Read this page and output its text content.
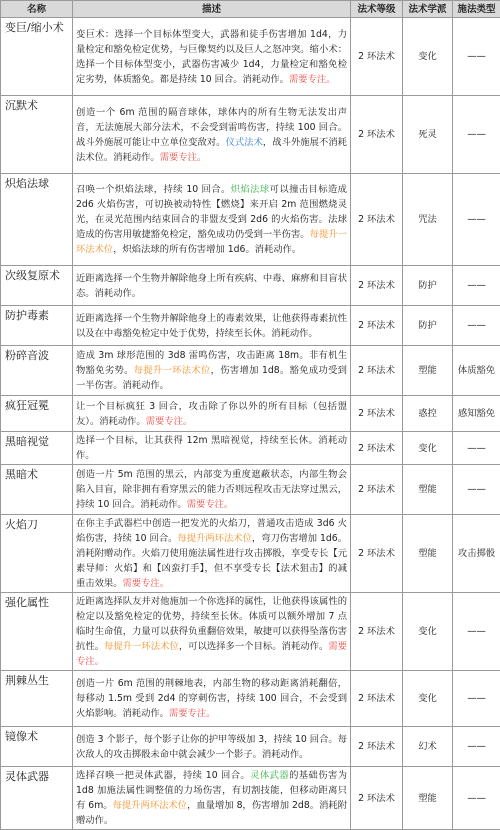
名称	描述	法术等级	法术学派	施法类型
变巨/缩小术	变巨术：选择一个目标体型变大，武器和徒手伤害增加 1d4，力量检定和豁免检定优势，与巨像契约以及巨人之怒冲突。缩小术：选择一个目标体型变小，武器伤害减少 1d4，力量检定和豁免检定劣势，体质豁免。都是持续 10 回合。消耗动作。需要专注。	2 环法术	变化	——
沉默术	创造一个 6m 范围的隔音球体，球体内的所有生物无法发出声音，无法施展大部分法术，不会受到雷鸣伤害，持续 100 回合。战斗外施展可能让中立单位变敌对。仪式法术，战斗外施展不消耗法术位。消耗动作。需要专注。	2 环法术	死灵	——
炽焰法球	召唤一个炽焰法球，持续 10 回合。炽焰法球可以撞击目标造成 2d6 火焰伤害，可切换被动特性【燃烧】来开启 2m 范围燃烧灵光，在灵光范围内结束回合的非盟友受到 2d6 的火焰伤害。法球造成的伤害用敏捷豁免检定，豁免成功仍受到一半伤害。每提升一环法术位，炽焰法球的所有伤害增加 1d6。消耗动作。	2 环法术	咒法	——
次级复原术	近距离选择一个生物并解除他身上所有疾病、中毒、麻痹和目盲状态。消耗动作。	2 环法术	防护	——
防护毒素	近距离选择一个生物并解除他身上的毒素效果，让他获得毒素抗性以及在中毒豁免检定中处于优势，持续至长休。消耗动作。	2 环法术	防护	——
粉碎音波	造成 3m 球形范围的 3d8 雷鸣伤害，攻击距离 18m。非有机生物豁免劣势。每提升一环法术位，伤害增加 1d8。豁免成功受到一半伤害。消耗动作。	2 环法术	塑能	体质豁免
疯狂冠冕	让一个目标疯狂 3 回合，攻击除了你以外的所有目标（包括盟友）。消耗动作。需要专注。	2 环法术	惑控	感知豁免
黑暗视觉	选择一个目标，让其获得 12m 黑暗视觉，持续至长休。消耗动作。	2 环法术	变化	——
黑暗术	创造一片 5m 范围的黑云，内部变为重度遮蔽状态，内部生物会陷入目盲，除非拥有看穿黑云的能力否则远程攻击无法穿过黑云，持续 10 回合。消耗动作。需要专注。	2 环法术	塑能	——
火焰刀	在你主手武器栏中创造一把发光的火焰刀，普通攻击造成 3d6 火焰伤害，持续 10 回合。每提升两环法术位，弯刀伤害增加 1d6。消耗附赠动作。火焰刀使用施法属性进行攻击掷骰，享受专长【元素导师：火焰】和【凶蛮打手】，但不享受专长【法术狙击】的减重击效果。需要专注。	2 环法术	塑能	攻击掷骰
强化属性	近距离选择队友并对他施加一个你选择的属性，让他获得该属性的检定以及豁免检定的优势，持续至长休。体质可以额外增加 7 点临时生命值，力量可以获得负重翻倍效果，敏捷可以获得坠落伤害抗性。每提升一环法术位，可以选择多一个目标。消耗动作。需要专注。	2 环法术	变化	——
荆棘丛生	创造一片 6m 范围的荆棘地表，内部生物的移动距离消耗翻倍，每移动 1.5m 受到 2d4 的穿刺伤害，持续 100 回合，不会受到火焰影响。消耗动作。需要专注。	2 环法术	变化	——
镜像术	创造 3 个影子，每个影子让你的护甲等级加 3，持续 10 回合。每次敌人的攻击掷骰未命中就会减少一个影子。消耗动作。	2 环法术	幻术	——
灵体武器	选择召唤一把灵体武器，持续 10 回合。灵体武器的基础伤害为 1d8 加施法属性调整值的力场伤害，有切割技能，但移动距离只有 6m。每提升两环法术位，血量增加 8，伤害增加 2d8。消耗附赠动作。	2 环法术	塑能	——
